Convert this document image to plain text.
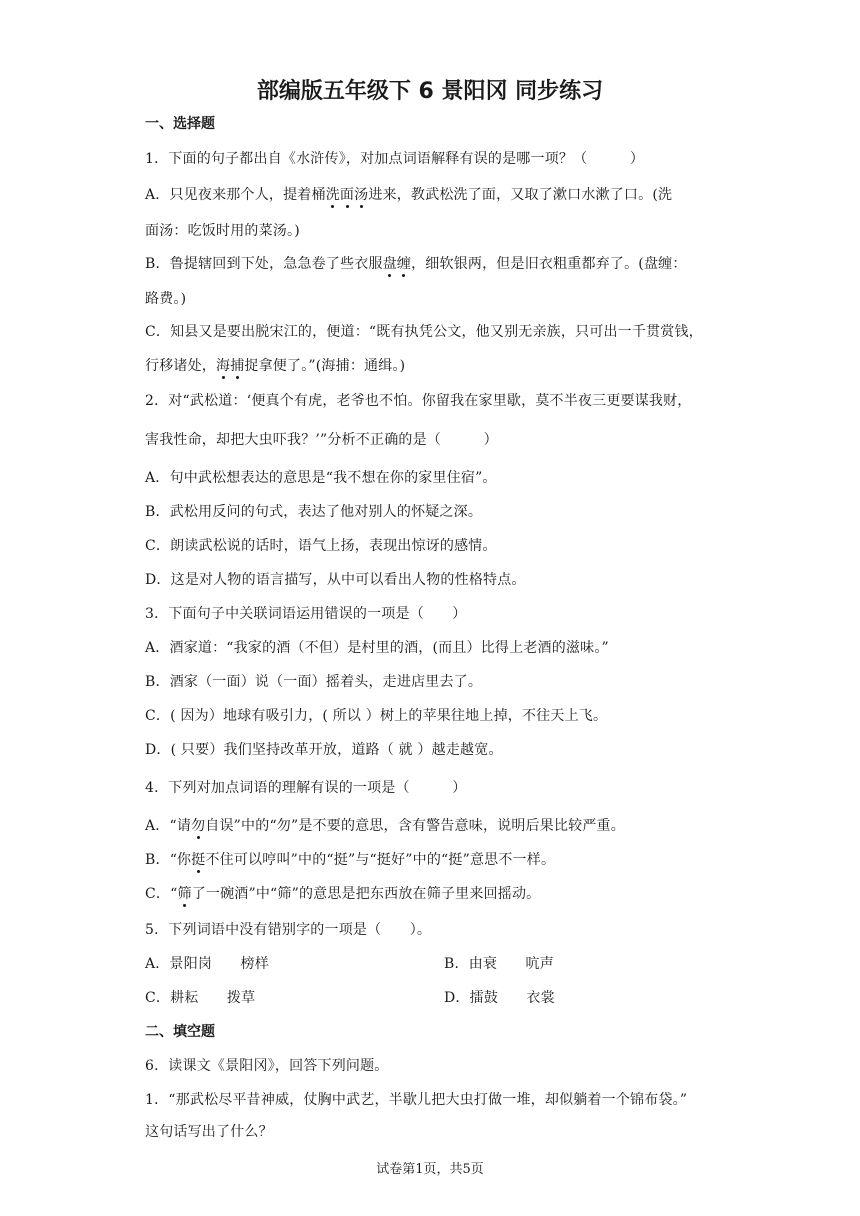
部编版五年级下 6 景阳冈 同步练习
一、选择题
1．下面的句子都出自《水浒传》，对加点词语解释有误的是哪一项？（　　　）
A．只见夜来那个人，提着桶洗面汤进来，教武松洗了面，又取了漱口水漱了口。(洗
面汤：吃饭时用的菜汤。)
B．鲁提辖回到下处，急急卷了些衣服盘缠，细软银两，但是旧衣粗重都弃了。(盘缠：
路费。)
C．知县又是要出脱宋江的，便道：“既有执凭公文，他又别无亲族，只可出一千贯赏钱，
行移诸处，海捕捉拿便了。”(海捕：通缉。)
2．对“武松道：‘便真个有虎，老爷也不怕。你留我在家里歇，莫不半夜三更要谋我财，
害我性命，却把大虫吓我？’”分析不正确的是（　　　）
A．句中武松想表达的意思是“我不想在你的家里住宿”。
B．武松用反问的句式，表达了他对别人的怀疑之深。
C．朗读武松说的话时，语气上扬，表现出惊讶的感情。
D．这是对人物的语言描写，从中可以看出人物的性格特点。
3．下面句子中关联词语运用错误的一项是（　　）
A．酒家道：“我家的酒（不但）是村里的酒，(而且）比得上老酒的滋味。”
B．酒家（一面）说（一面）摇着头，走进店里去了。
C．( 因为）地球有吸引力，( 所以 ）树上的苹果往地上掉，不往天上飞。
D．( 只要）我们坚持改革开放，道路（ 就 ）越走越宽。
4．下列对加点词语的理解有误的一项是（　　　）
A．“请勿自误”中的“勿”是不要的意思，含有警告意味，说明后果比较严重。
B．“你挺不住可以哼叫”中的“挺”与“挺好”中的“挺”意思不一样。
C．“筛了一碗酒”中“筛”的意思是把东西放在筛子里来回摇动。
5．下列词语中没有错别字的一项是（　　）。
A．景阳岗　　榜样	B．由衰　　吭声
C．耕耘　　拨草	D．擂鼓　　衣裳
二、填空题
6．读课文《景阳冈》，回答下列问题。
1．“那武松尽平昔神威，仗胸中武艺，半歇儿把大虫打做一堆，却似躺着一个锦布袋。”
这句话写出了什么？
试卷第1页，共5页
